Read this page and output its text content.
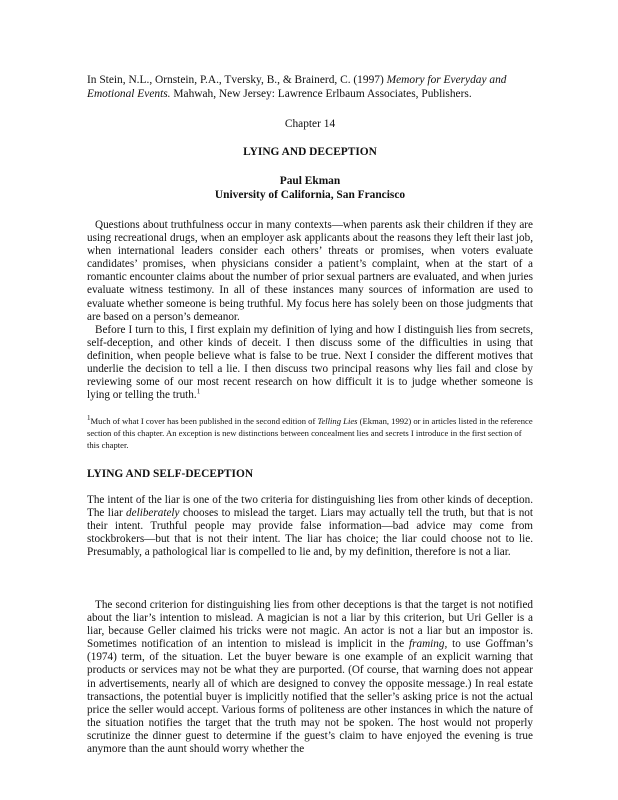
In Stein, N.L., Ornstein, P.A., Tversky, B., & Brainerd, C. (1997) Memory for Everyday and Emotional Events. Mahwah, New Jersey: Lawrence Erlbaum Associates, Publishers.

Chapter 14

LYING AND DECEPTION

Paul Ekman
University of California, San Francisco

Questions about truthfulness occur in many contexts—when parents ask their children if they are using recreational drugs, when an employer ask applicants about the reasons they left their last job, when international leaders consider each others’ threats or promises, when voters evaluate candidates’ promises, when physicians consider a patient’s complaint, when at the start of a romantic encounter claims about the number of prior sexual partners are evaluated, and when juries evaluate witness testimony. In all of these instances many sources of information are used to evaluate whether someone is being truthful. My focus here has solely been on those judgments that are based on a person’s demeanor.

Before I turn to this, I first explain my definition of lying and how I distinguish lies from secrets, self-deception, and other kinds of deceit. I then discuss some of the difficulties in using that definition, when people believe what is false to be true. Next I consider the different motives that underlie the decision to tell a lie. I then discuss two principal reasons why lies fail and close by reviewing some of our most recent research on how difficult it is to judge whether someone is lying or telling the truth.$^1$

$^1$Much of what I cover has been published in the second edition of Telling Lies (Ekman, 1992) or in articles listed in the reference section of this chapter. An exception is new distinctions between concealment lies and secrets I introduce in the first section of this chapter.

LYING AND SELF-DECEPTION

The intent of the liar is one of the two criteria for distinguishing lies from other kinds of deception. The liar deliberately chooses to mislead the target. Liars may actually tell the truth, but that is not their intent. Truthful people may provide false information—bad advice may come from stockbrokers—but that is not their intent. The liar has choice; the liar could choose not to lie. Presumably, a pathological liar is compelled to lie and, by my definition, therefore is not a liar.

The second criterion for distinguishing lies from other deceptions is that the target is not notified about the liar’s intention to mislead. A magician is not a liar by this criterion, but Uri Geller is a liar, because Geller claimed his tricks were not magic. An actor is not a liar but an impostor is. Sometimes notification of an intention to mislead is implicit in the framing, to use Goffman’s (1974) term, of the situation. Let the buyer beware is one example of an explicit warning that products or services may not be what they are purported. (Of course, that warning does not appear in advertisements, nearly all of which are designed to convey the opposite message.) In real estate transactions, the potential buyer is implicitly notified that the seller’s asking price is not the actual price the seller would accept. Various forms of politeness are other instances in which the nature of the situation notifies the target that the truth may not be spoken. The host would not properly scrutinize the dinner guest to determine if the guest’s claim to have enjoyed the evening is true anymore than the aunt should worry whether the
